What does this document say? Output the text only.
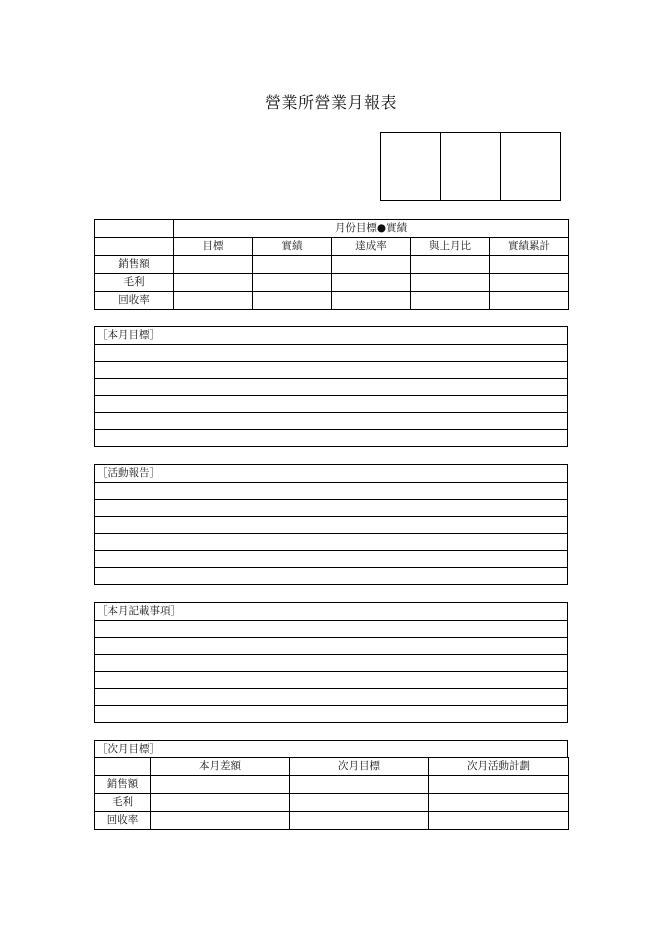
營業所營業月報表
	月份目標●實績				
	目標	實績	達成率	與上月比	實績累計
銷售額					
毛利					
回收率					
［本月目標］
［活動報告］
［本月記載事項］
［次月目標］
	本月差額	次月目標	次月活動計劃
銷售額			
毛利			
回收率			
